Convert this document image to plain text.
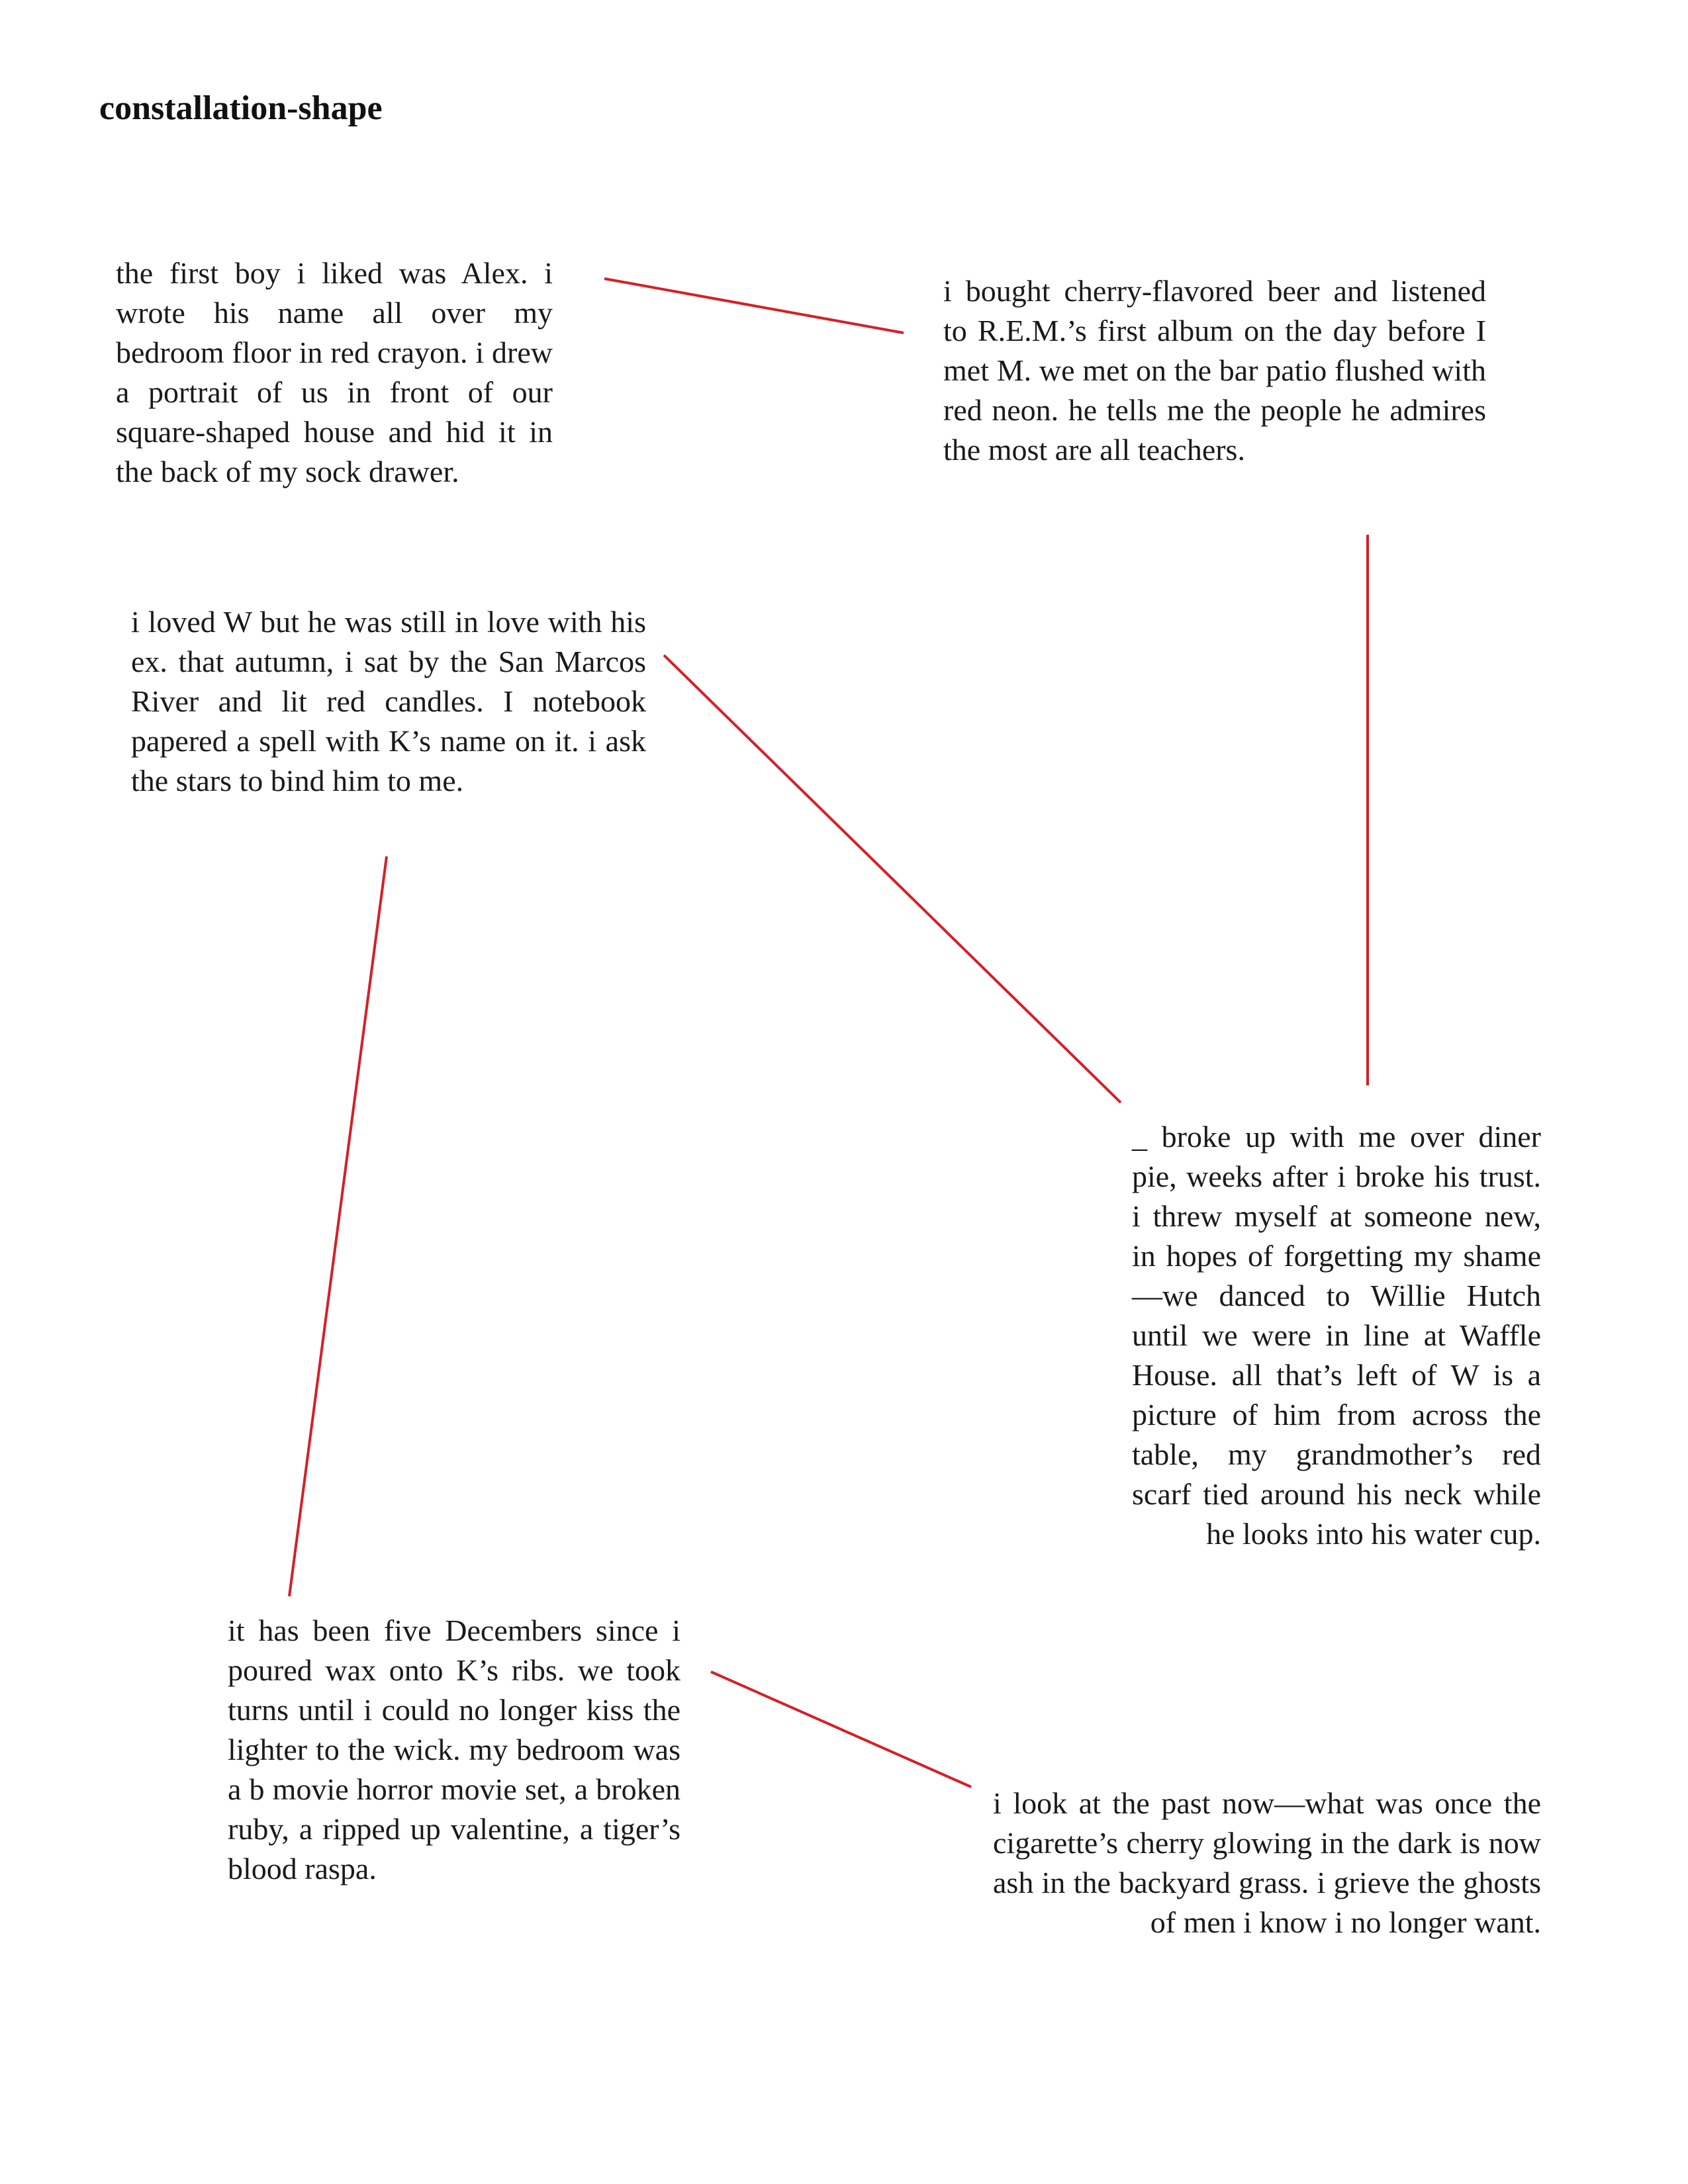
constallation-shape

the first boy i liked was Alex. i wrote his name all over my bedroom floor in red crayon. i drew a portrait of us in front of our square-shaped house and hid it in the back of my sock drawer.

i bought cherry-flavored beer and listened to R.E.M.’s first album on the day before I met M. we met on the bar patio flushed with red neon. he tells me the people he admires the most are all teachers.

i loved W but he was still in love with his ex. that autumn, i sat by the San Marcos River and lit red candles. I notebook papered a spell with K’s name on it. i ask the stars to bind him to me.

_ broke up with me over diner pie, weeks after i broke his trust. i threw myself at someone new, in hopes of forgetting my shame—we danced to Willie Hutch until we were in line at Waffle House. all that’s left of W is a picture of him from across the table, my grandmother’s red scarf tied around his neck while he looks into his water cup.

it has been five Decembers since i poured wax onto K’s ribs. we took turns until i could no longer kiss the lighter to the wick. my bedroom was a b movie horror movie set, a broken ruby, a ripped up valentine, a tiger’s blood raspa.

i look at the past now—what was once the cigarette’s cherry glowing in the dark is now ash in the backyard grass. i grieve the ghosts of men i know i no longer want.
